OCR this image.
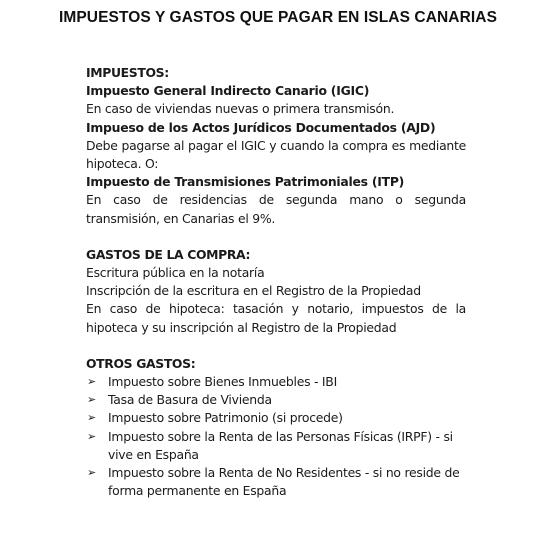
IMPUESTOS Y GASTOS QUE PAGAR EN ISLAS CANARIAS

IMPUESTOS:

Impuesto General Indirecto Canario (IGIC)

En caso de viviendas nuevas o primera transmisón.

Impueso de los Actos Jurídicos Documentados (AJD)

Debe pagarse al pagar el IGIC y cuando la compra es mediante hipoteca. O:

Impuesto de Transmisiones Patrimoniales (ITP)

En caso de residencias de segunda mano o segunda transmisión, en Canarias el 9%.

GASTOS DE LA COMPRA:

Escritura pública en la notaría

Inscripción de la escritura en el Registro de la Propiedad

En caso de hipoteca: tasación y notario, impuestos de la hipoteca y su inscripción al Registro de la Propiedad

OTROS GASTOS:

➢ Impuesto sobre Bienes Inmuebles - IBI
➢ Tasa de Basura de Vivienda
➢ Impuesto sobre Patrimonio (si procede)
➢ Impuesto sobre la Renta de las Personas Físicas (IRPF) - si vive en España
➢ Impuesto sobre la Renta de No Residentes - si no reside de forma permanente en España
